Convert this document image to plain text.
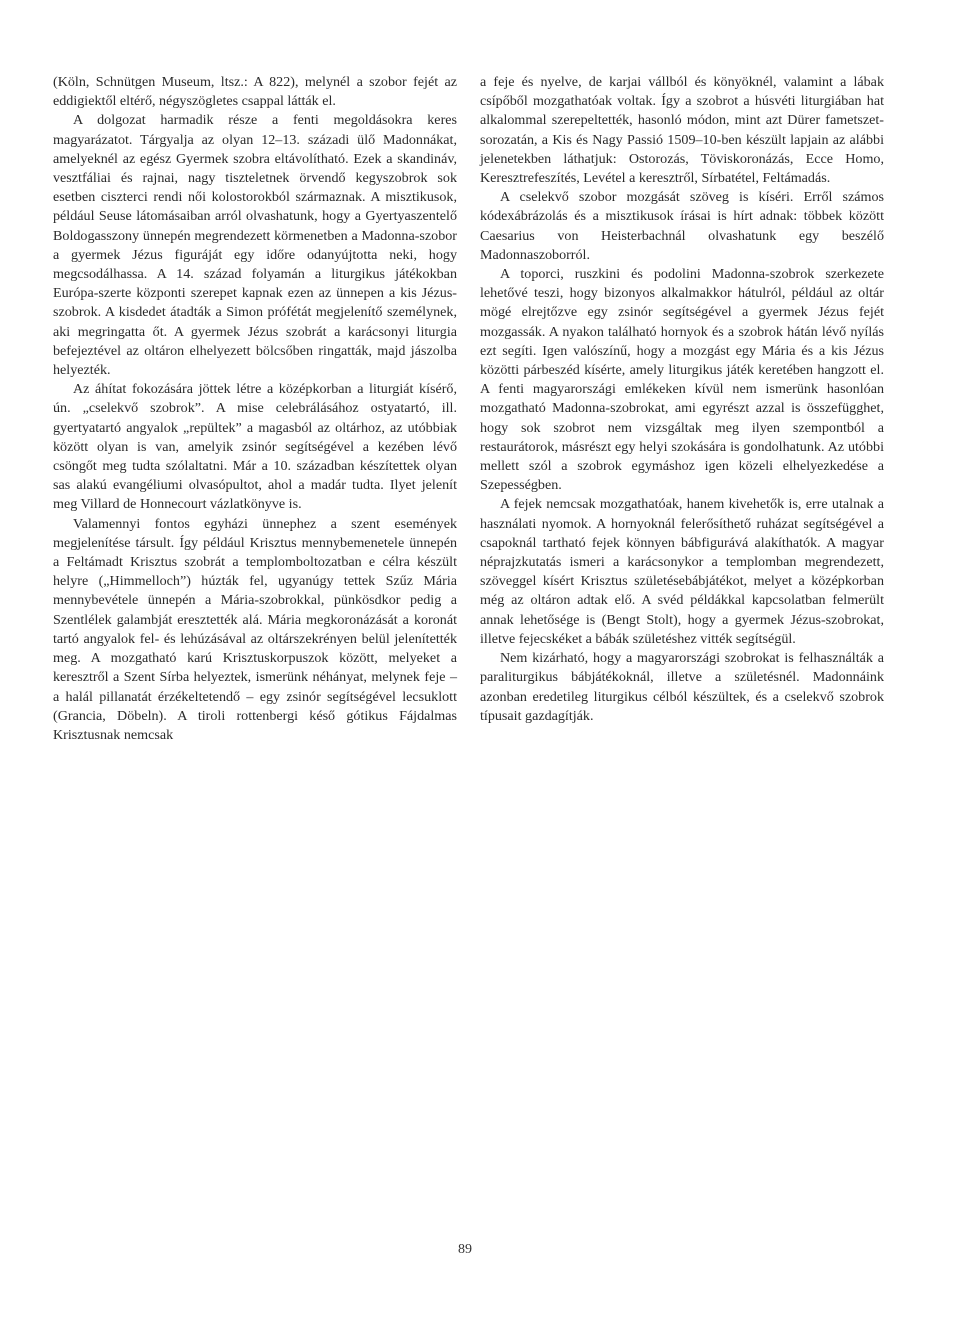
(Köln, Schnütgen Museum, ltsz.: A 822), melynél a szobor fejét az eddigiektől eltérő, négyszögletes csappal látták el.

A dolgozat harmadik része a fenti megoldásokra keres magyarázatot. Tárgyalja az olyan 12–13. századi ülő Madonnákat, amelyeknél az egész Gyermek szobra eltávolítható. Ezek a skandináv, vesztfáliai és rajnai, nagy tiszteletnek örvendő kegyszobrok sok esetben ciszterci rendi női kolostorokból származnak. A misztikusok, például Seuse látomásaiban arról olvashatunk, hogy a Gyertyaszentelő Boldogasszony ünnepén megrendezett körmenetben a Madonna-szobor a gyermek Jézus figuráját egy időre odanyújtotta neki, hogy megcsodálhassa. A 14. század folyamán a liturgikus játékokban Európa-szerte központi szerepet kapnak ezen az ünnepen a kis Jézus-szobrok. A kisdedet átadták a Simon prófétát megjelenítő személynek, aki megringatta őt. A gyermek Jézus szobrát a karácsonyi liturgia befejeztével az oltáron elhelyezett bölcsőben ringatták, majd jászolba helyezték.

Az áhítat fokozására jöttek létre a középkorban a liturgiát kísérő, ún. „cselekvő szobrok”. A mise celebrálásához ostyatartó, ill. gyertyatartó angyalok „repültek” a magasból az oltárhoz, az utóbbiak között olyan is van, amelyik zsinór segítségével a kezében lévő csöngőt meg tudta szólaltatni. Már a 10. században készítettek olyan sas alakú evangéliumi olvasópultot, ahol a madár tudta. Ilyet jelenít meg Villard de Honnecourt vázlatkönyve is.

Valamennyi fontos egyházi ünnephez a szent események megjelenítése társult. Így például Krisztus mennybemenetele ünnepén a Feltámadt Krisztus szobrát a templomboltozatban e célra készült helyre („Himmelloch”) húzták fel, ugyanúgy tettek Szűz Mária mennybevétele ünnepén a Mária-szobrokkal, pünkösdkor pedig a Szentlélek galambját eresztették alá. Mária megkoronázását a koronát tartó angyalok fel- és lehúzásával az oltárszekrényen belül jelenítették meg. A mozgatható karú Krisztuskorpuszok között, melyeket a keresztről a Szent Sírba helyeztek, ismerünk néhányat, melynek feje – a halál pillanatát érzékeltetendő – egy zsinór segítségével lecsuklott (Grancia, Döbeln). A tiroli rottenbergi késő gótikus Fájdalmas Krisztusnak nemcsak

a feje és nyelve, de karjai vállból és könyöknél, valamint a lábak csípőből mozgathatóak voltak. Így a szobrot a húsvéti liturgiában hat alkalommal szerepeltették, hasonló módon, mint azt Dürer fametszet-sorozatán, a Kis és Nagy Passió 1509–10-ben készült lapjain az alábbi jelenetekben láthatjuk: Ostorozás, Töviskoronázás, Ecce Homo, Keresztrefeszítés, Levétel a keresztről, Sírbatétel, Feltámadás.

A cselekvő szobor mozgását szöveg is kíséri. Erről számos kódexábrázolás és a misztikusok írásai is hírt adnak: többek között Caesarius von Heisterbachnál olvashatunk egy beszélő Madonnaszoborról.

A toporci, ruszkini és podolini Madonna-szobrok szerkezete lehetővé teszi, hogy bizonyos alkalmakkor hátulról, például az oltár mögé elrejtőzve egy zsinór segítségével a gyermek Jézus fejét mozgassák. A nyakon található hornyok és a szobrok hátán lévő nyílás ezt segíti. Igen valószínű, hogy a mozgást egy Mária és a kis Jézus közötti párbeszéd kísérte, amely liturgikus játék keretében hangzott el. A fenti magyarországi emlékeken kívül nem ismerünk hasonlóan mozgatható Madonna-szobrokat, ami egyrészt azzal is összefügghet, hogy sok szobrot nem vizsgáltak meg ilyen szempontból a restaurátorok, másrészt egy helyi szokására is gondolhatunk. Az utóbbi mellett szól a szobrok egymáshoz igen közeli elhelyezkedése a Szepességben.

A fejek nemcsak mozgathatóak, hanem kivehetők is, erre utalnak a használati nyomok. A hornyoknál felerősíthető ruházat segítségével a csapoknál tartható fejek könnyen bábfigurává alakíthatók. A magyar néprajzkutatás ismeri a karácsonykor a templomban megrendezett, szöveggel kísért Krisztus születésebábjátékot, melyet a középkorban még az oltáron adtak elő. A svéd példákkal kapcsolatban felmerült annak lehetősége is (Bengt Stolt), hogy a gyermek Jézus-szobrokat, illetve fejecskéket a bábák születéshez vitték segítségül.

Nem kizárható, hogy a magyarországi szobrokat is felhasználták a paraliturgikus bábjátékoknál, illetve a születésnél. Madonnáink azonban eredetileg liturgikus célból készültek, és a cselekvő szobrok típusait gazdagítják.

89
